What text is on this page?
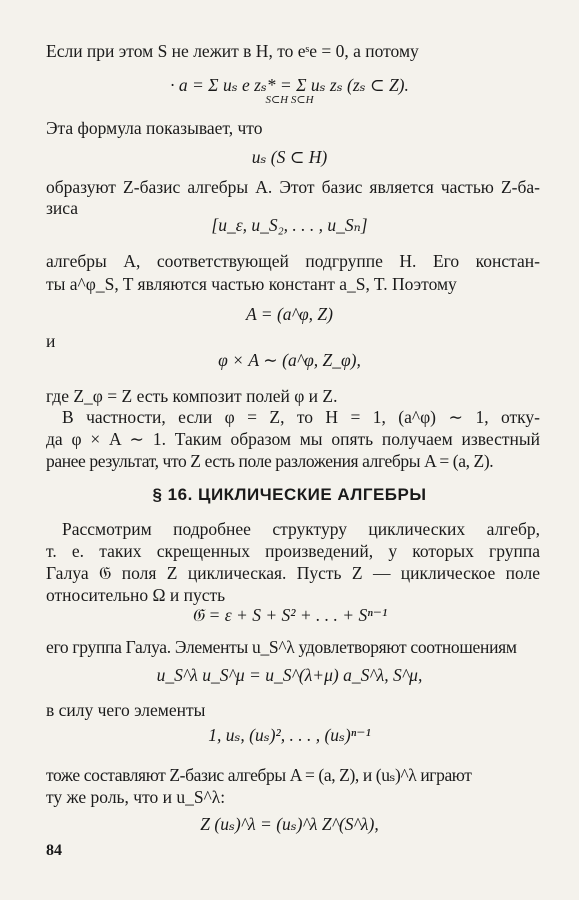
Если при этом S не лежит в H, то eˢe = 0, а потому
· a = Σ uₛ e zₛ* = Σ uₛ zₛ (zₛ ⊂ Z).
S⊂H S⊂H
Эта формула показывает, что
uₛ (S ⊂ H)
образуют Z-базис алгебры A. Этот базис является частью Z-ба-
зиса
[u_ε, u_S₂, . . . , u_Sₙ]
алгебры A, соответствующей подгруппе H. Его констан-
ты a^φ_S, T являются частью констант a_S, T. Поэтому
A = (a^φ, Z)
и
φ × A ∼ (a^φ, Z_φ),
где Z_φ = Z есть композит полей φ и Z.
В частности, если φ = Z, то H = 1, (a^φ) ∼ 1, отку-
да φ × A ∼ 1. Таким образом мы опять получаем известный
ранее результат, что Z есть поле разложения алгебры A = (a, Z).
§ 16. ЦИКЛИЧЕСКИЕ АЛГЕБРЫ
Рассмотрим подробнее структуру циклических алгебр,
т. е. таких скрещенных произведений, у которых группа
Галуа 𝔊 поля Z циклическая. Пусть Z — циклическое поле
относительно Ω и пусть
𝔊 = ε + S + S² + . . . + Sⁿ⁻¹
его группа Галуа. Элементы u_S^λ удовлетворяют соотношениям
u_S^λ u_S^μ = u_S^(λ+μ) a_S^λ, S^μ,
в силу чего элементы
1, uₛ, (uₛ)², . . . , (uₛ)ⁿ⁻¹
тоже составляют Z-базис алгебры A = (a, Z), и (uₛ)^λ играют
ту же роль, что и u_S^λ:
Z (uₛ)^λ = (uₛ)^λ Z^(S^λ),
84
